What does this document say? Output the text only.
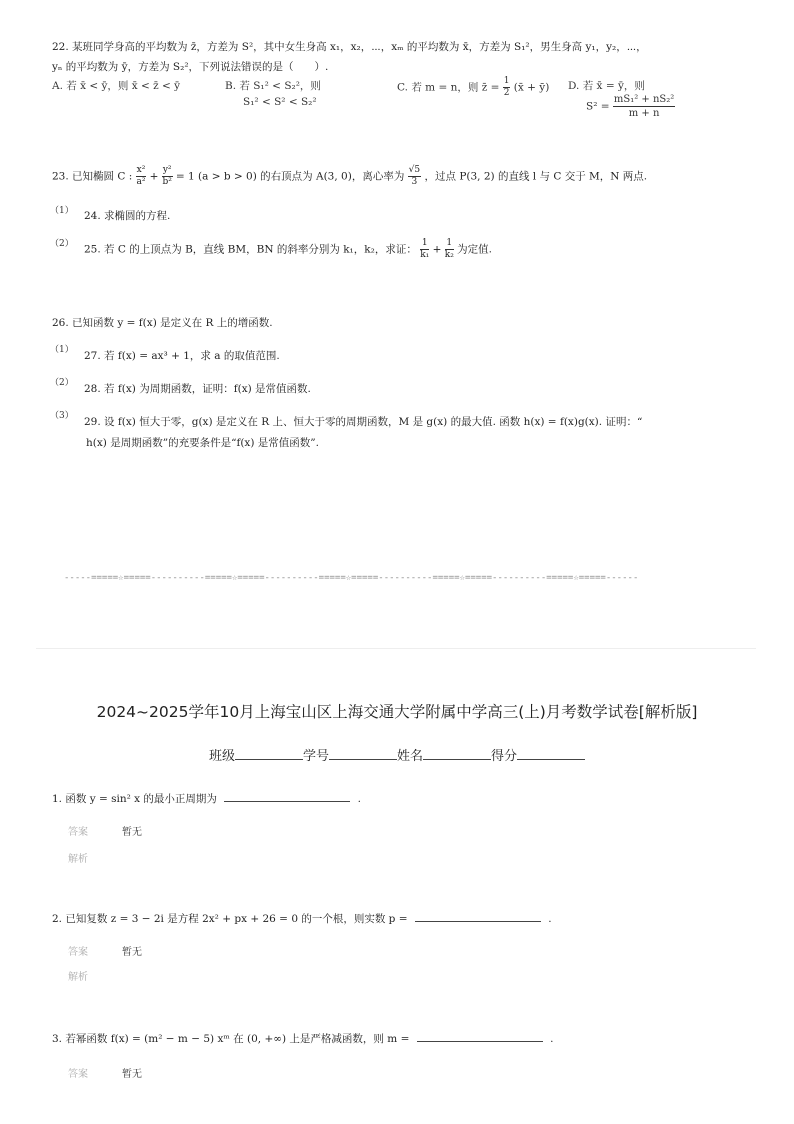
22. 某班同学身高的平均数为 z̄，方差为 S²，其中女生身高 x₁，x₂，⋯，xₘ 的平均数为 x̄，方差为 S₁²，男生身高 y₁，y₂，⋯，
yₙ 的平均数为 ȳ，方差为 S₂²，下列说法错误的是（　　）.
A. 若 x̄ < ȳ，则 x̄ < z̄ < ȳ	B. 若 S₁² < S₂²，则
S₁² < S² < S₂²
C. 若 m = n，则 z̄ = $\frac{1}{2}$ (x̄ + ȳ) D. 若 x̄ = ȳ，则
$S^2 = \frac{\text{mS₁² + nS₂²}}{m + n}$
23. 已知椭圆 C : $\frac{\text{x²}}{\text{a²}} + \frac{\text{y²}}{\text{b²}} = 1$ (a > b > 0) 的右顶点为 A(3, 0)，离心率为 $\frac{√5}{3}$ ，过点 P(3, 2) 的直线 l 与 C 交于 M，N 两点.
（1） 24. 求椭圆的方程.
（2） 25. 若 C 的上顶点为 B，直线 BM，BN 的斜率分别为 k₁，k₂，求证： $\frac{1}{\text{k₁}} + \frac{1}{\text{k₂}}$ 为定值.
26. 已知函数 y = f(x) 是定义在 R 上的增函数.
（1） 27. 若 f(x) = ax³ + 1，求 a 的取值范围.
（2） 28. 若 f(x) 为周期函数，证明：f(x) 是常值函数.
（3） 29. 设 f(x) 恒大于零，g(x) 是定义在 R 上、恒大于零的周期函数，M 是 g(x) 的最大值. 函数 h(x) = f(x)g(x). 证明：“
h(x) 是周期函数”的充要条件是“f(x) 是常值函数”.
-----=====☆=====----------=====☆=====----------=====☆=====----------=====☆=====----------=====☆=====------
2024~2025学年10月上海宝山区上海交通大学附属中学高三(上)月考数学试卷[解析版]
班级	学号	姓名	得分
1. 函数 y = sin² x 的最小正周期为	.
答案	暂无
解析
2. 已知复数 z = 3 − 2i 是方程 2x² + px + 26 = 0 的一个根，则实数 p =	.
答案	暂无
解析
3. 若幂函数 f(x) = (m² − m − 5) xᵐ 在 (0, +∞) 上是严格减函数，则 m =	.
答案	暂无
